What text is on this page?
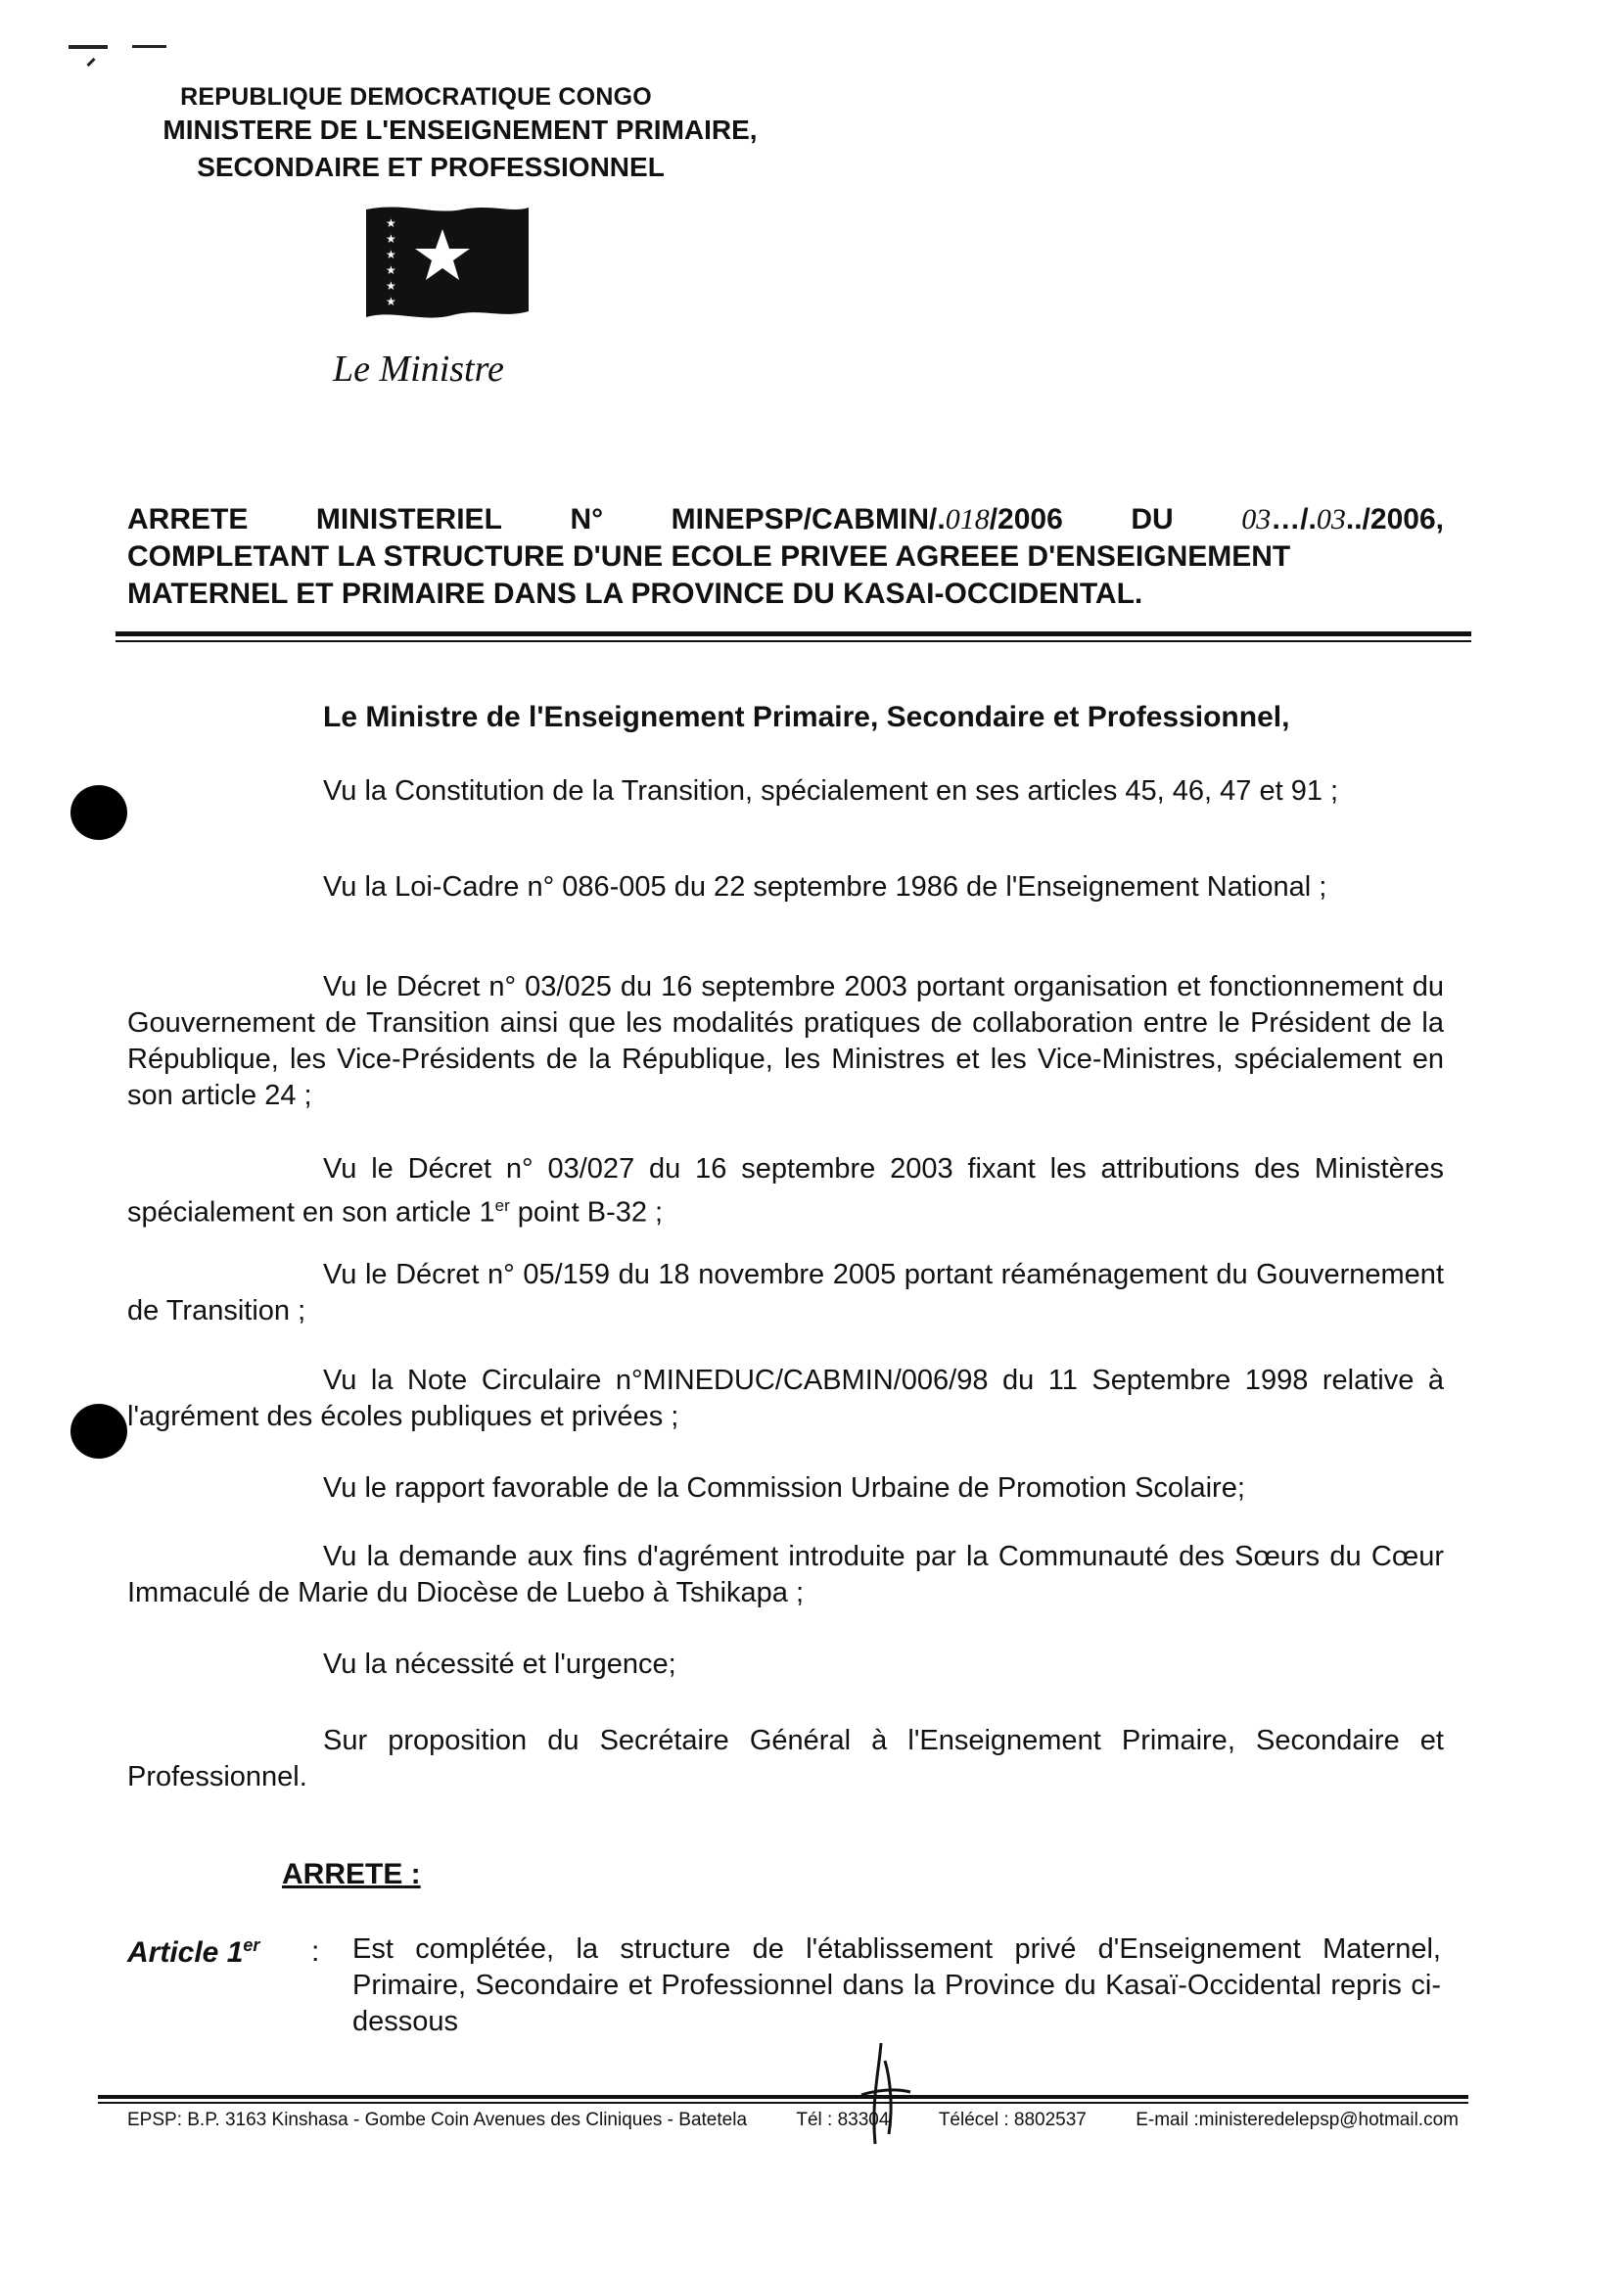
REPUBLIQUE DEMOCRATIQUE CONGO
MINISTERE DE L'ENSEIGNEMENT PRIMAIRE,
SECONDAIRE ET PROFESSIONNEL
★
★
★
★
★
★
Le Ministre
ARRETE MINISTERIEL N° MINEPSP/CABMIN/.018/2006 DU 03…/.03../2006,
COMPLETANT LA STRUCTURE D'UNE ECOLE PRIVEE AGREEE D'ENSEIGNEMENT
MATERNEL ET PRIMAIRE DANS LA PROVINCE DU KASAI-OCCIDENTAL.
Le Ministre de l'Enseignement Primaire, Secondaire et Professionnel,
Vu la Constitution de la Transition, spécialement en ses articles 45, 46, 47 et 91 ;
Vu la Loi-Cadre n° 086-005 du 22 septembre 1986 de l'Enseignement National ;
Vu le Décret n° 03/025 du 16 septembre 2003 portant organisation et fonctionnement du Gouvernement de Transition ainsi que les modalités pratiques de collaboration entre le Président de la République, les Vice-Présidents de la République, les Ministres et les Vice-Ministres, spécialement en son article 24 ;
Vu le Décret n° 03/027 du 16 septembre 2003 fixant les attributions des Ministères spécialement en son article 1er point B-32 ;
Vu le Décret n° 05/159 du 18 novembre 2005 portant réaménagement du Gouvernement de Transition ;
Vu la Note Circulaire n°MINEDUC/CABMIN/006/98 du 11 Septembre 1998 relative à l'agrément des écoles publiques et privées ;
Vu le rapport favorable de la Commission Urbaine de Promotion Scolaire;
Vu la demande aux fins d'agrément introduite par la Communauté des Sœurs du Cœur Immaculé de Marie du Diocèse de Luebo à Tshikapa ;
Vu la nécessité et l'urgence;
Sur proposition du Secrétaire Général à l'Enseignement Primaire, Secondaire et Professionnel.
ARRETE :
Article 1er : Est complétée, la structure de l'établissement privé d'Enseignement Maternel, Primaire, Secondaire et Professionnel dans la Province du Kasaï-Occidental repris ci-dessous
EPSP: B.P. 3163 Kinshasa - Gombe Coin Avenues des Cliniques - Batetela	Tél : 83304	Télécel : 8802537	E-mail :ministeredelepsp@hotmail.com
